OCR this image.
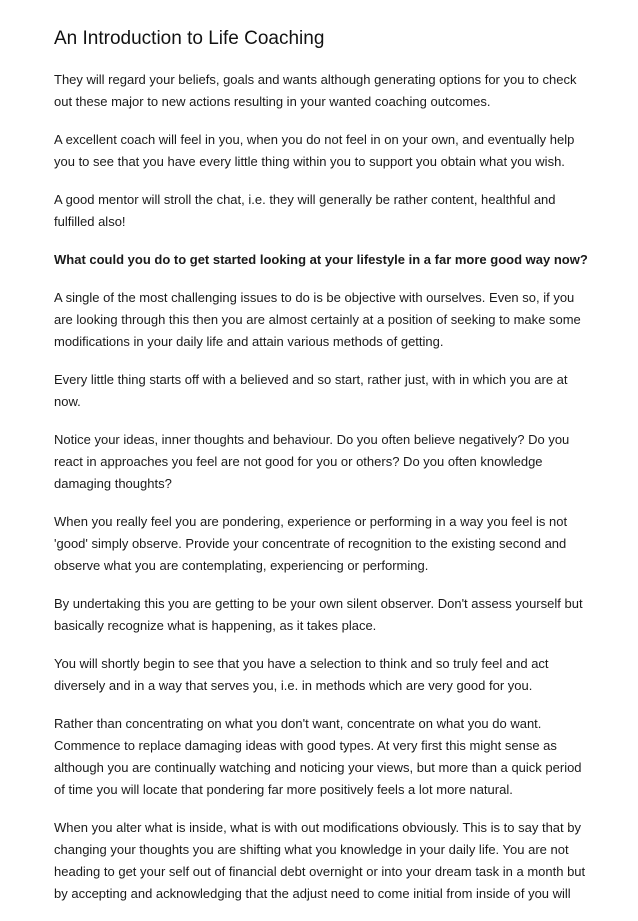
An Introduction to Life Coaching

They will regard your beliefs, goals and wants although generating options for you to check out these major to new actions resulting in your wanted coaching outcomes.

A excellent coach will feel in you, when you do not feel in on your own, and eventually help you to see that you have every little thing within you to support you obtain what you wish.

A good mentor will stroll the chat, i.e. they will generally be rather content, healthful and fulfilled also!

What could you do to get started looking at your lifestyle in a far more good way now?

A single of the most challenging issues to do is be objective with ourselves. Even so, if you are looking through this then you are almost certainly at a position of seeking to make some modifications in your daily life and attain various methods of getting.

Every little thing starts off with a believed and so start, rather just, with in which you are at now.

Notice your ideas, inner thoughts and behaviour. Do you often believe negatively? Do you react in approaches you feel are not good for you or others? Do you often knowledge damaging thoughts?

When you really feel you are pondering, experience or performing in a way you feel is not 'good' simply observe. Provide your concentrate of recognition to the existing second and observe what you are contemplating, experiencing or performing.

By undertaking this you are getting to be your own silent observer. Don't assess yourself but basically recognize what is happening, as it takes place.

You will shortly begin to see that you have a selection to think and so truly feel and act diversely and in a way that serves you, i.e. in methods which are very good for you.

Rather than concentrating on what you don't want, concentrate on what you do want. Commence to replace damaging ideas with good types. At very first this might sense as although you are continually watching and noticing your views, but more than a quick period of time you will locate that pondering far more positively feels a lot more natural.

When you alter what is inside, what is with out modifications obviously. This is to say that by changing your thoughts you are shifting what you knowledge in your daily life. You are not heading to get your self out of financial debt overnight or into your dream task in a month but by accepting and acknowledging that the adjust need to come initial from inside of you will
